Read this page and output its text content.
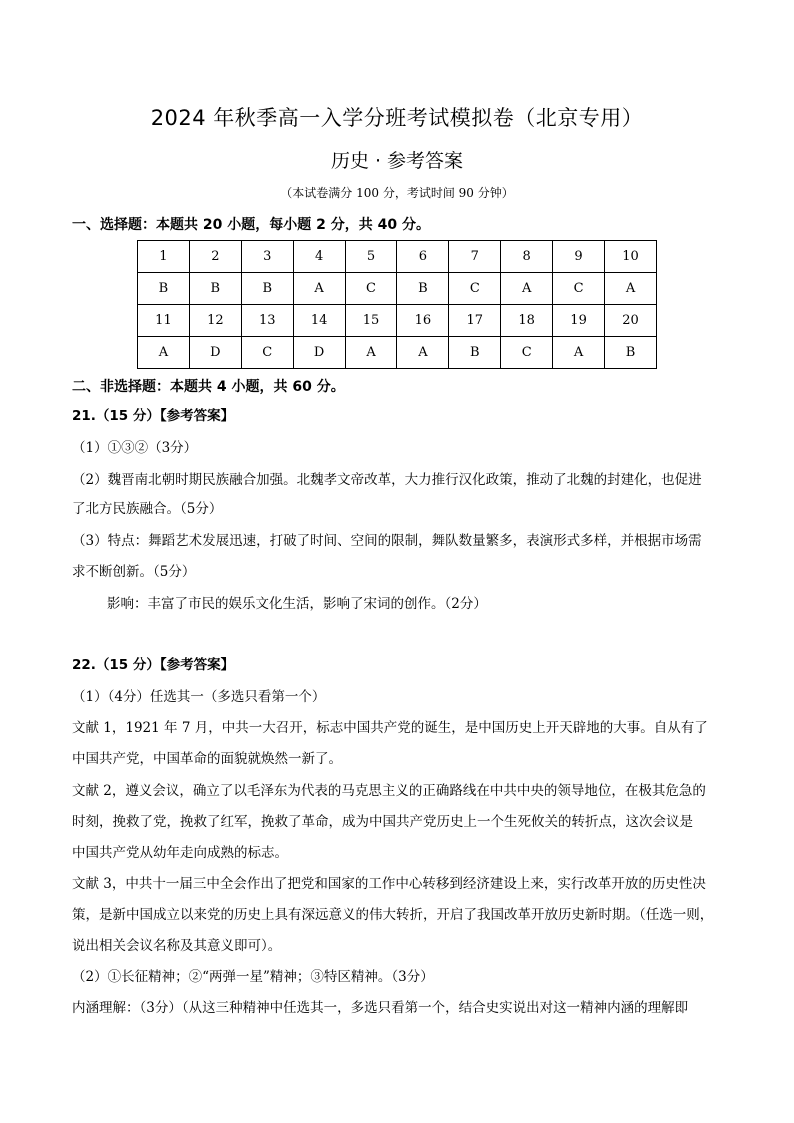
2024 年秋季高一入学分班考试模拟卷（北京专用）
历史 · 参考答案
（本试卷满分 100 分，考试时间 90 分钟）
一、选择题：本题共 20 小题，每小题 2 分，共 40 分。
1	2	3	4	5	6	7	8	9	10
B	B	B	A	C	B	C	A	C	A
11	12	13	14	15	16	17	18	19	20
A	D	C	D	A	A	B	C	A	B
二、非选择题：本题共 4 小题，共 60 分。
21.（15 分）【参考答案】
（1）①③②（3分）
（2）魏晋南北朝时期民族融合加强。北魏孝文帝改革，大力推行汉化政策，推动了北魏的封建化，也促进
了北方民族融合。（5分）
（3）特点：舞蹈艺术发展迅速，打破了时间、空间的限制，舞队数量繁多，表演形式多样，并根据市场需
求不断创新。（5分）
影响：丰富了市民的娱乐文化生活，影响了宋词的创作。（2分）
22.（15 分）【参考答案】
（1）（4分）任选其一（多选只看第一个）
文献 1，1921 年 7 月，中共一大召开，标志中国共产党的诞生，是中国历史上开天辟地的大事。自从有了
中国共产党，中国革命的面貌就焕然一新了。
文献 2，遵义会议，确立了以毛泽东为代表的马克思主义的正确路线在中共中央的领导地位，在极其危急的
时刻，挽救了党，挽救了红军，挽救了革命，成为中国共产党历史上一个生死攸关的转折点，这次会议是
中国共产党从幼年走向成熟的标志。
文献 3，中共十一届三中全会作出了把党和国家的工作中心转移到经济建设上来，实行改革开放的历史性决
策，是新中国成立以来党的历史上具有深远意义的伟大转折，开启了我国改革开放历史新时期。（任选一则，
说出相关会议名称及其意义即可）。
（2）①长征精神；②“两弹一星”精神；③特区精神。（3分）
内涵理解：（3分）（从这三种精神中任选其一，多选只看第一个，结合史实说出对这一精神内涵的理解即
